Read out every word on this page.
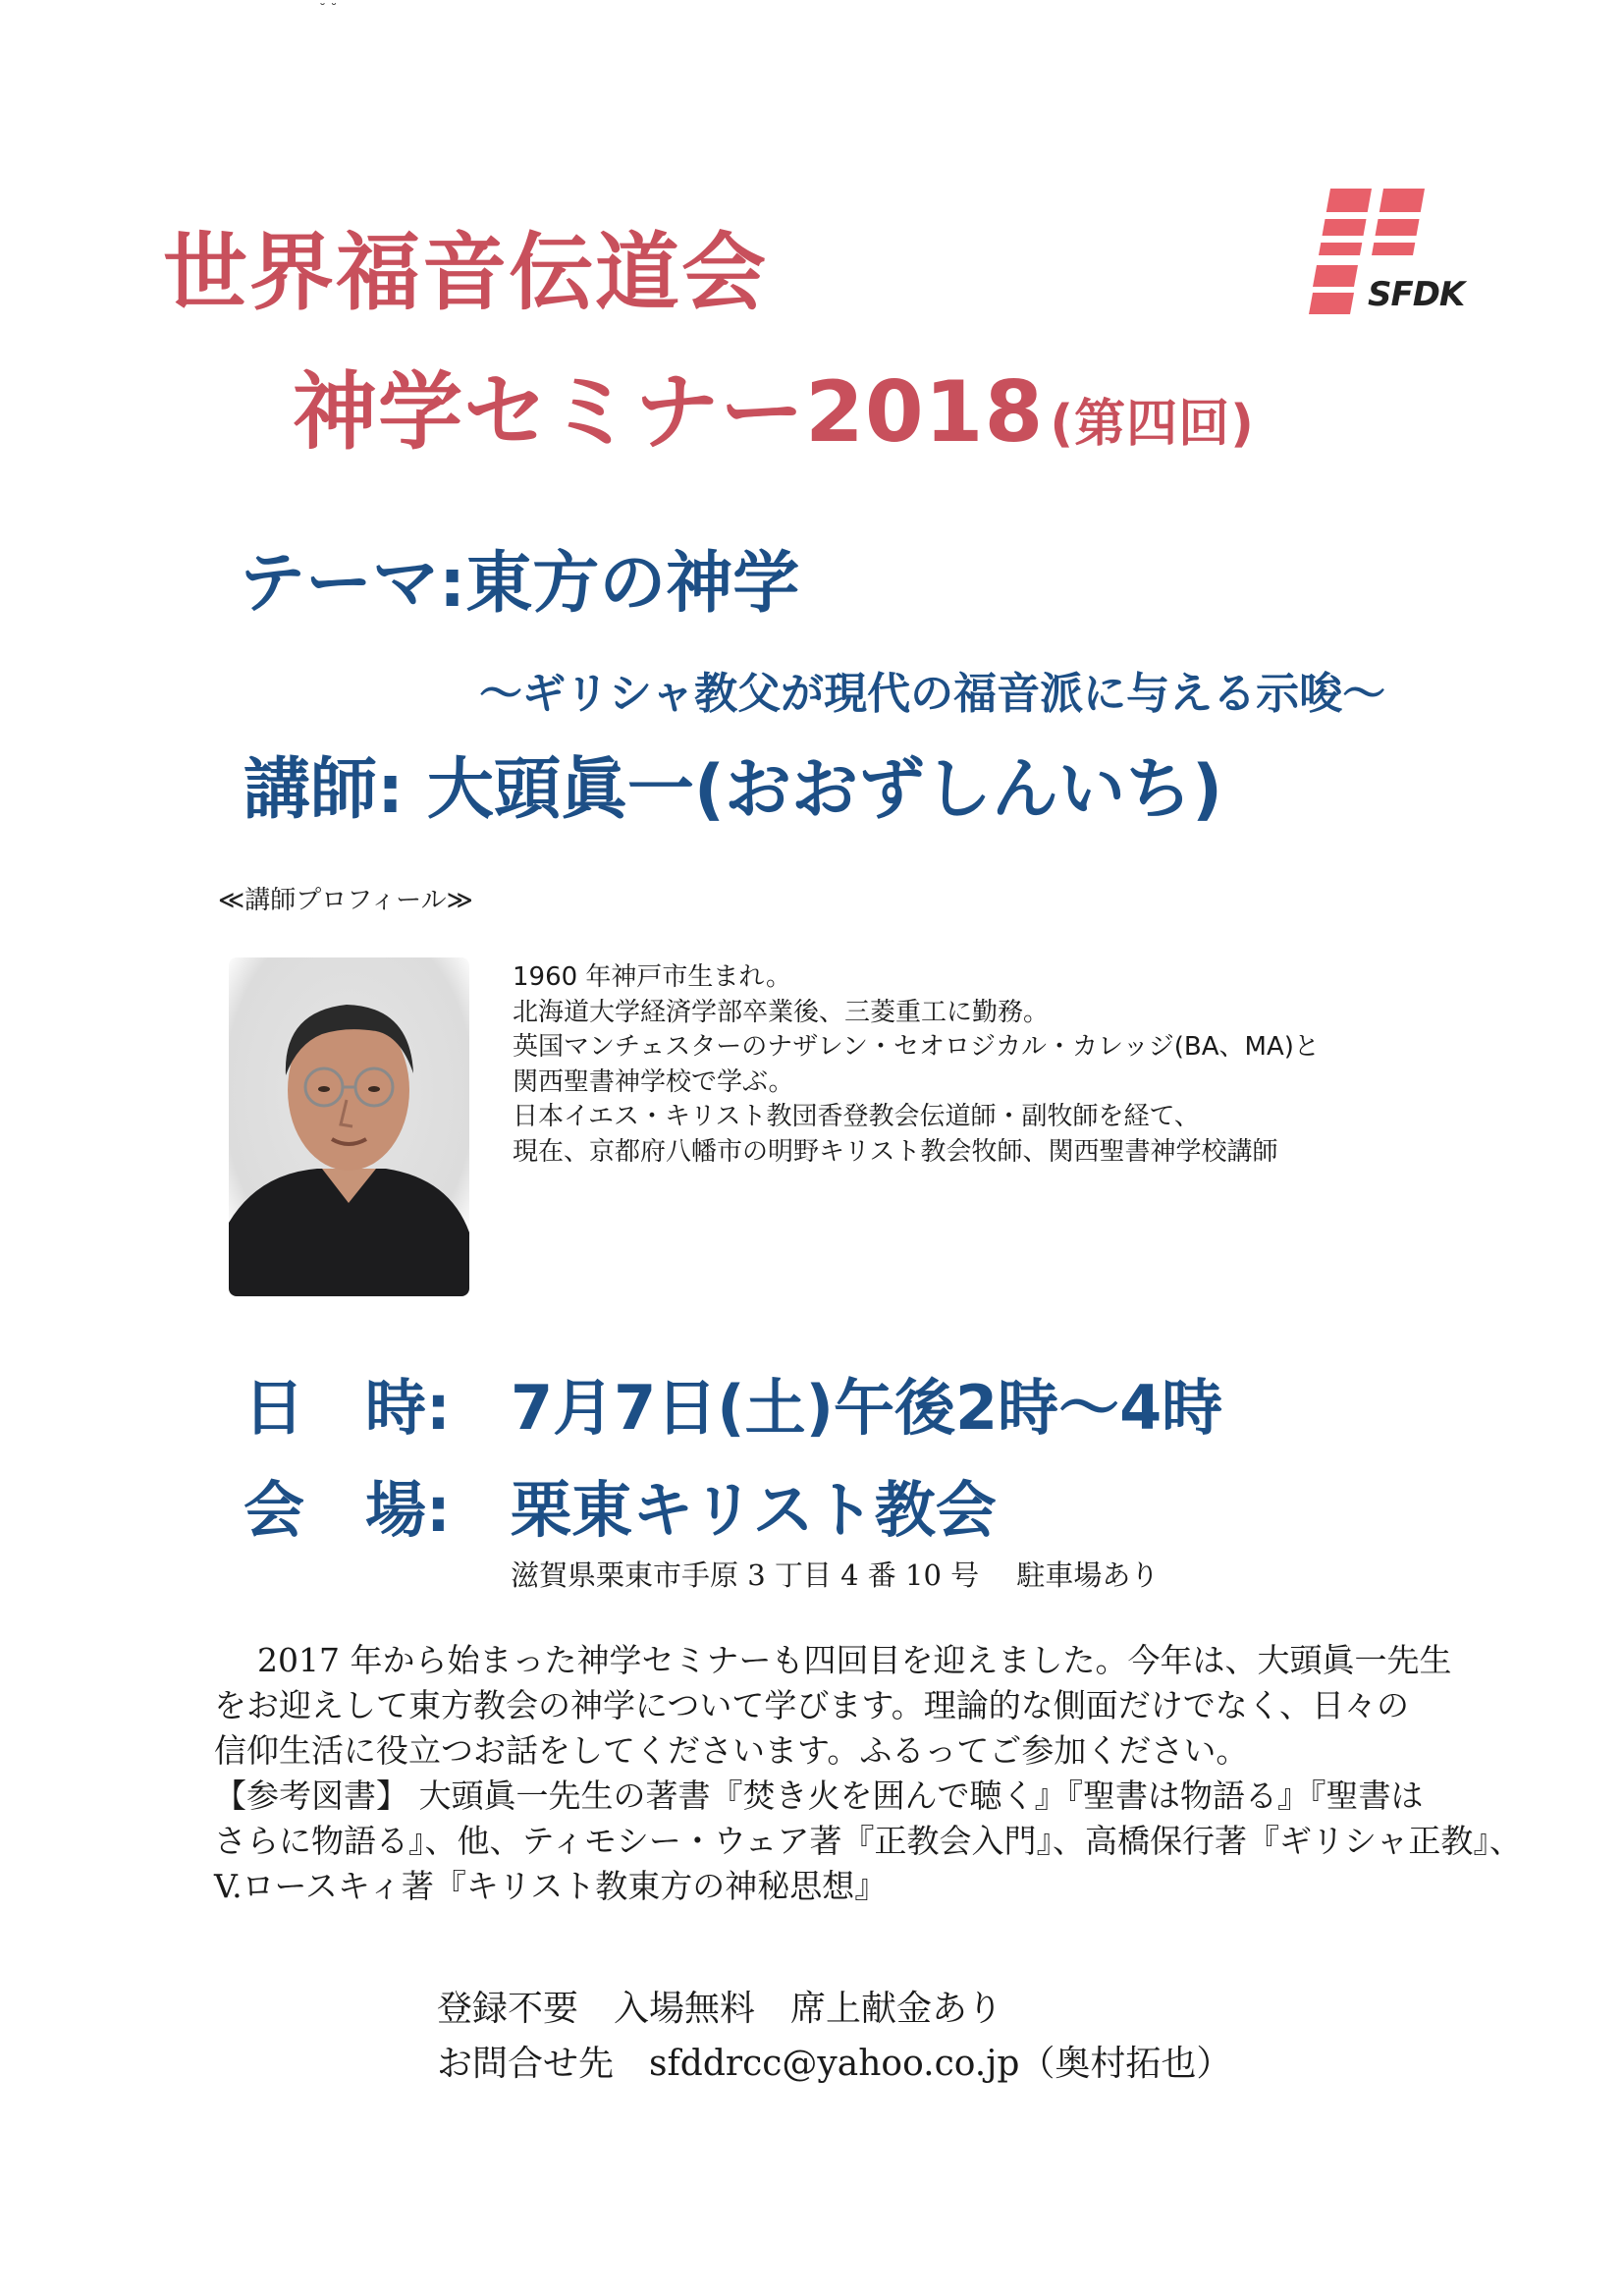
˘ ˘
世界福音伝道会
神学セミナー2018 (第四回)
SFDK
テーマ:東方の神学
〜ギリシャ教父が現代の福音派に与える示唆〜
講師: 大頭眞一(おおずしんいち)
≪講師プロフィール≫
1960 年神戸市生まれ。
北海道大学経済学部卒業後、三菱重工に勤務。
英国マンチェスターのナザレン・セオロジカル・カレッジ(BA、MA)と
関西聖書神学校で学ぶ。
日本イエス・キリスト教団香登教会伝道師・副牧師を経て、
現在、京都府八幡市の明野キリスト教会牧師、関西聖書神学校講師
日　時: 7月7日(土)午後2時〜4時
会　場: 栗東キリスト教会
滋賀県栗東市手原 3 丁目 4 番 10 号　 駐車場あり
2017 年から始まった神学セミナーも四回目を迎えました。今年は、大頭眞一先生
をお迎えして東方教会の神学について学びます。理論的な側面だけでなく、日々の
信仰生活に役立つお話をしてくださいます。ふるってご参加ください。
【参考図書】 大頭眞一先生の著書『焚き火を囲んで聴く』『聖書は物語る』『聖書は
さらに物語る』、他、ティモシー・ウェア著『正教会入門』、高橋保行著『ギリシャ正教』、
V.ロースキィ著『キリスト教東方の神秘思想』
登録不要　入場無料　席上献金あり
お問合せ先　sfddrcc@yahoo.co.jp（奥村拓也）
